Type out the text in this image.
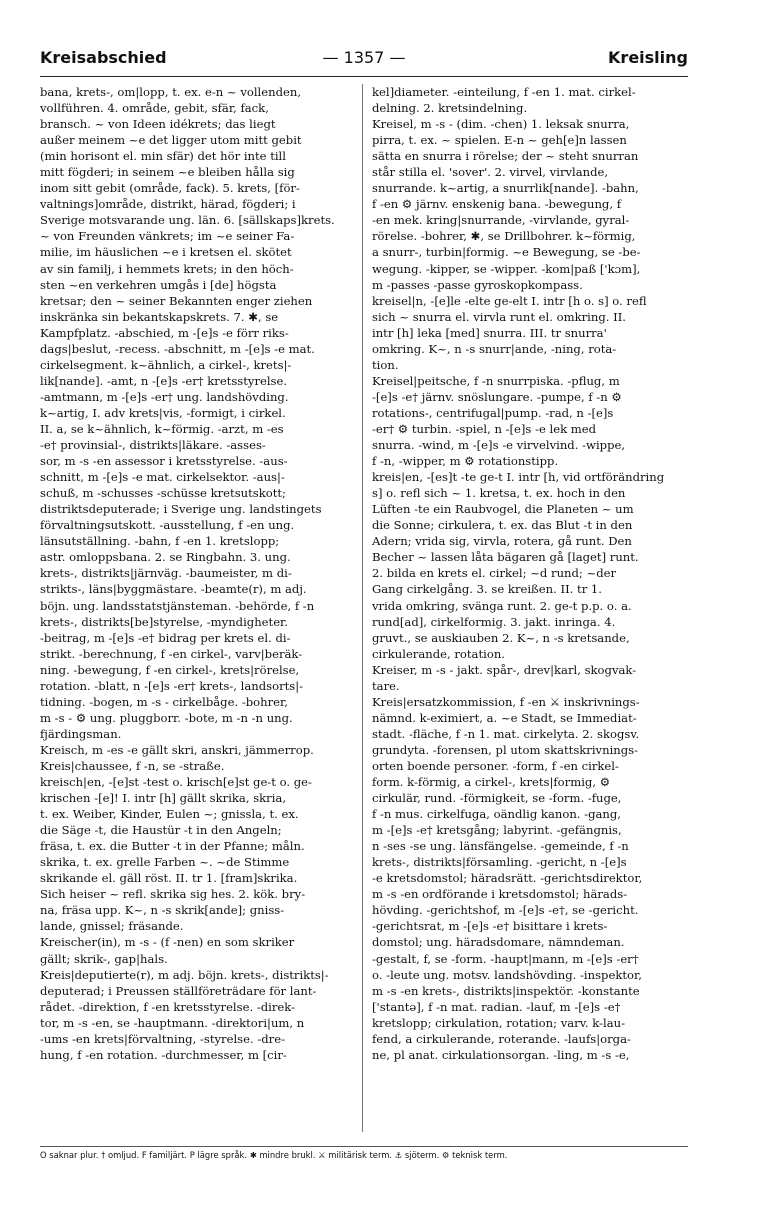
Kreisabschied	— 1357 —	Kreisling
bana, krets-, om|lopp, t. ex. e-n ~ vollenden,
vollführen. 4. område, gebit, sfär, fack,
bransch. ~ von Ideen idékrets; das liegt
außer meinem ~e det ligger utom mitt gebit
(min horisont el. min sfär) det hör inte till
mitt fögderi; in seinem ~e bleiben hålla sig
inom sitt gebit (område, fack). 5. krets, [för-
valtnings]område, distrikt, härad, fögderi; i
Sverige motsvarande ung. län. 6. [sällskaps]krets.
~ von Freunden vänkrets; im ~e seiner Fa-
milie, im häuslichen ~e i kretsen el. skötet
av sin familj, i hemmets krets; in den höch-
sten ~en verkehren umgås i [de] högsta
kretsar; den ~ seiner Bekannten enger ziehen
inskränka sin bekantskapskrets. 7. ✱, se
Kampfplatz. -abschied, m -[e]s -e förr riks-
dags|beslut, -recess. -abschnitt, m -[e]s -e mat.
cirkelsegment. k~ähnlich, a cirkel-, krets|-
lik[nande]. -amt, n -[e]s -er† kretsstyrelse.
-amtmann, m -[e]s -er† ung. landshövding.
k~artig, I. adv krets|vis, -formigt, i cirkel.
II. a, se k~ähnlich, k~förmig. -arzt, m -es
-e† provinsial-, distrikts|läkare. -asses-
sor, m -s -en assessor i kretsstyrelse. -aus-
schnitt, m -[e]s -e mat. cirkelsektor. -aus|-
schuß, m -schusses -schüsse kretsutskott;
distriktsdeputerade; i Sverige ung. landstingets
förvaltningsutskott. -ausstellung, f -en ung.
länsutställning. -bahn, f -en 1. kretslopp;
astr. omloppsbana. 2. se Ringbahn. 3. ung.
krets-, distrikts|järnväg. -baumeister, m di-
strikts-, läns|byggmästare. -beamte(r), m adj.
böjn. ung. landsstatstjänsteman. -behörde, f -n
krets-, distrikts[be]styrelse, -myndigheter.
-beitrag, m -[e]s -e† bidrag per krets el. di-
strikt. -berechnung, f -en cirkel-, varv|beräk-
ning. -bewegung, f -en cirkel-, krets|rörelse,
rotation. -blatt, n -[e]s -er† krets-, landsorts|-
tidning. -bogen, m -s - cirkelbåge. -bohrer,
m -s - ⚙ ung. pluggborr. -bote, m -n -n ung.
fjärdingsman.
Kreisch, m -es -e gällt skri, anskri, jämmerrop.
Kreis|chaussee, f -n, se -straße.
kreisch|en, -[e]st -test o. krisch[e]st ge-t o. ge-
krischen -[e]! I. intr [h] gällt skrika, skria,
t. ex. Weiber, Kinder, Eulen ~; gnissla, t. ex.
die Säge -t, die Haustür -t in den Angeln;
fräsa, t. ex. die Butter -t in der Pfanne; måln.
skrika, t. ex. grelle Farben ~. ~de Stimme
skrikande el. gäll röst. II. tr 1. [fram]skrika.
Sich heiser ~ refl. skrika sig hes. 2. kök. bry-
na, fräsa upp. K~, n -s skrik[ande]; gniss-
lande, gnissel; fräsande.
Kreischer(in), m -s - (f -nen) en som skriker
gällt; skrik-, gap|hals.
Kreis|deputierte(r), m adj. böjn. krets-, distrikts|-
deputerad; i Preussen ställföreträdare för lant-
rådet. -direktion, f -en kretsstyrelse. -direk-
tor, m -s -en, se -hauptmann. -direktori|um, n
-ums -en krets|förvaltning, -styrelse. -dre-
hung, f -en rotation. -durchmesser, m [cir-
kel]diameter. -einteilung, f -en 1. mat. cirkel-
delning. 2. kretsindelning.
Kreisel, m -s - (dim. -chen) 1. leksak snurra,
pirra, t. ex. ~ spielen. E-n ~ geh[e]n lassen
sätta en snurra i rörelse; der ~ steht snurran
står stilla el. 'sover'. 2. virvel, virvlande,
snurrande. k~artig, a snurrlik[nande]. -bahn,
f -en ⚙ järnv. enskenig bana. -bewegung, f
-en mek. kring|snurrande, -virvlande, gyral-
rörelse. -bohrer, ✱, se Drillbohrer. k~förmig,
a snurr-, turbin|formig. ~e Bewegung, se -be-
wegung. -kipper, se -wipper. -kom|paß ['kɔm],
m -passes -passe gyroskopkompass.
kreisel|n, -[e]le -elte ge-elt I. intr [h o. s] o. refl
sich ~ snurra el. virvla runt el. omkring. II.
intr [h] leka [med] snurra. III. tr snurra'
omkring. K~, n -s snurr|ande, -ning, rota-
tion.
Kreisel|peitsche, f -n snurrpiska. -pflug, m
-[e]s -e† järnv. snöslungare. -pumpe, f -n ⚙
rotations-, centrifugal|pump. -rad, n -[e]s
-er† ⚙ turbin. -spiel, n -[e]s -e lek med
snurra. -wind, m -[e]s -e virvelvind. -wippe,
f -n, -wipper, m ⚙ rotationstipp.
kreis|en, -[es]t -te ge-t I. intr [h, vid ortförändring
s] o. refl sich ~ 1. kretsa, t. ex. hoch in den
Lüften -te ein Raubvogel, die Planeten ~ um
die Sonne; cirkulera, t. ex. das Blut -t in den
Adern; vrida sig, virvla, rotera, gå runt. Den
Becher ~ lassen låta bägaren gå [laget] runt.
2. bilda en krets el. cirkel; ~d rund; ~der
Gang cirkelgång. 3. se kreißen. II. tr 1.
vrida omkring, svänga runt. 2. ge-t p.p. o. a.
rund[ad], cirkelformig. 3. jakt. inringa. 4.
gruvt., se auskiauben 2. K~, n -s kretsande,
cirkulerande, rotation.
Kreiser, m -s - jakt. spår-, drev|karl, skogvak-
tare.
Kreis|ersatzkommission, f -en ⚔ inskrivnings-
nämnd. k-eximiert, a. ~e Stadt, se Immediat-
stadt. -fläche, f -n 1. mat. cirkelyta. 2. skogsv.
grundyta. -forensen, pl utom skattskrivnings-
orten boende personer. -form, f -en cirkel-
form. k-förmig, a cirkel-, krets|formig, ⚙
cirkulär, rund. -förmigkeit, se -form. -fuge,
f -n mus. cirkelfuga, oändlig kanon. -gang,
m -[e]s -e† kretsgång; labyrint. -gefängnis,
n -ses -se ung. länsfängelse. -gemeinde, f -n
krets-, distrikts|församling. -gericht, n -[e]s
-e kretsdomstol; häradsrätt. -gerichtsdirektor,
m -s -en ordförande i kretsdomstol; härads-
hövding. -gerichtshof, m -[e]s -e†, se -gericht.
-gerichtsrat, m -[e]s -e† bisittare i krets-
domstol; ung. häradsdomare, nämndeman.
-gestalt, f, se -form. -haupt|mann, m -[e]s -er†
o. -leute ung. motsv. landshövding. -inspektor,
m -s -en krets-, distrikts|inspektör. -konstante
['stantə], f -n mat. radian. -lauf, m -[e]s -e†
kretslopp; cirkulation, rotation; varv. k-lau-
fend, a cirkulerande, roterande. -laufs|orga-
ne, pl anat. cirkulationsorgan. -ling, m -s -e,
O saknar plur. † omljud. F familjärt. P lägre språk. ✱ mindre brukl. ⚔ militärisk term. ⚓ sjöterm. ⚙ teknisk term.
